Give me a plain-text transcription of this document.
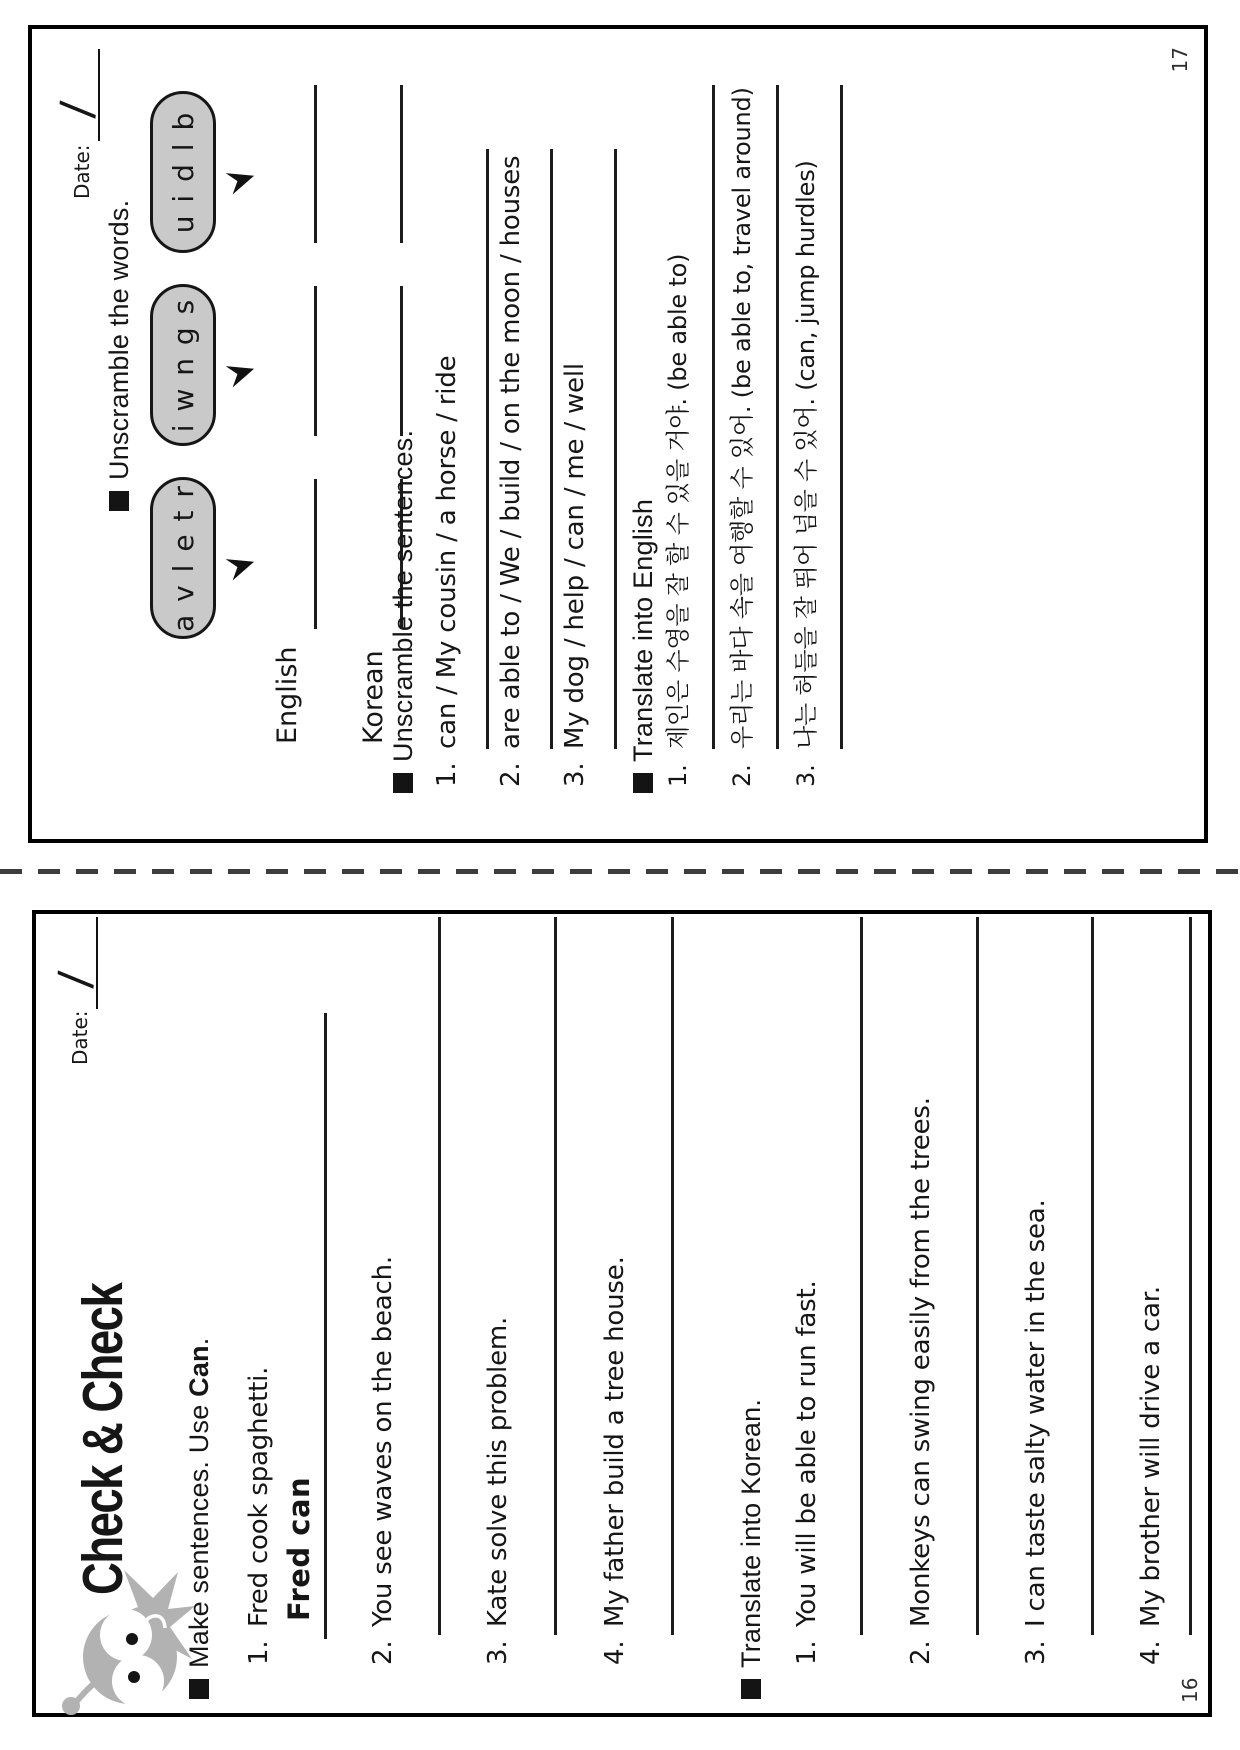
Date:
/
Unscramble the words.
a v l e t r
i w n g s
u i d l b
English Korean Unscramble the sentences.
1.can / My cousin / a horse / ride
2.are able to / We / build / on the moon / houses
3.My dog / help / can / me / well Translate into English
1.제인은 수영을 잘 할 수 있을 거야. (be able to)
2.우리는 바다 속을 여행할 수 있어. (be able to, travel around)
3.나는 허들을 잘 뛰어 넘을 수 있어. (can, jump hurdles)
17
Check & Check
Date:
/
Make sentences. Use Can.
1.Fred cook spaghetti. Fred can
2.You see waves on the beach.
3.Kate solve this problem.
4.My father build a tree house.	Translate into Korean. 1.You will be able to run fast.
2.Monkeys can swing easily from the trees.
3.I can taste salty water in the sea.
4.My brother will drive a car.
16
